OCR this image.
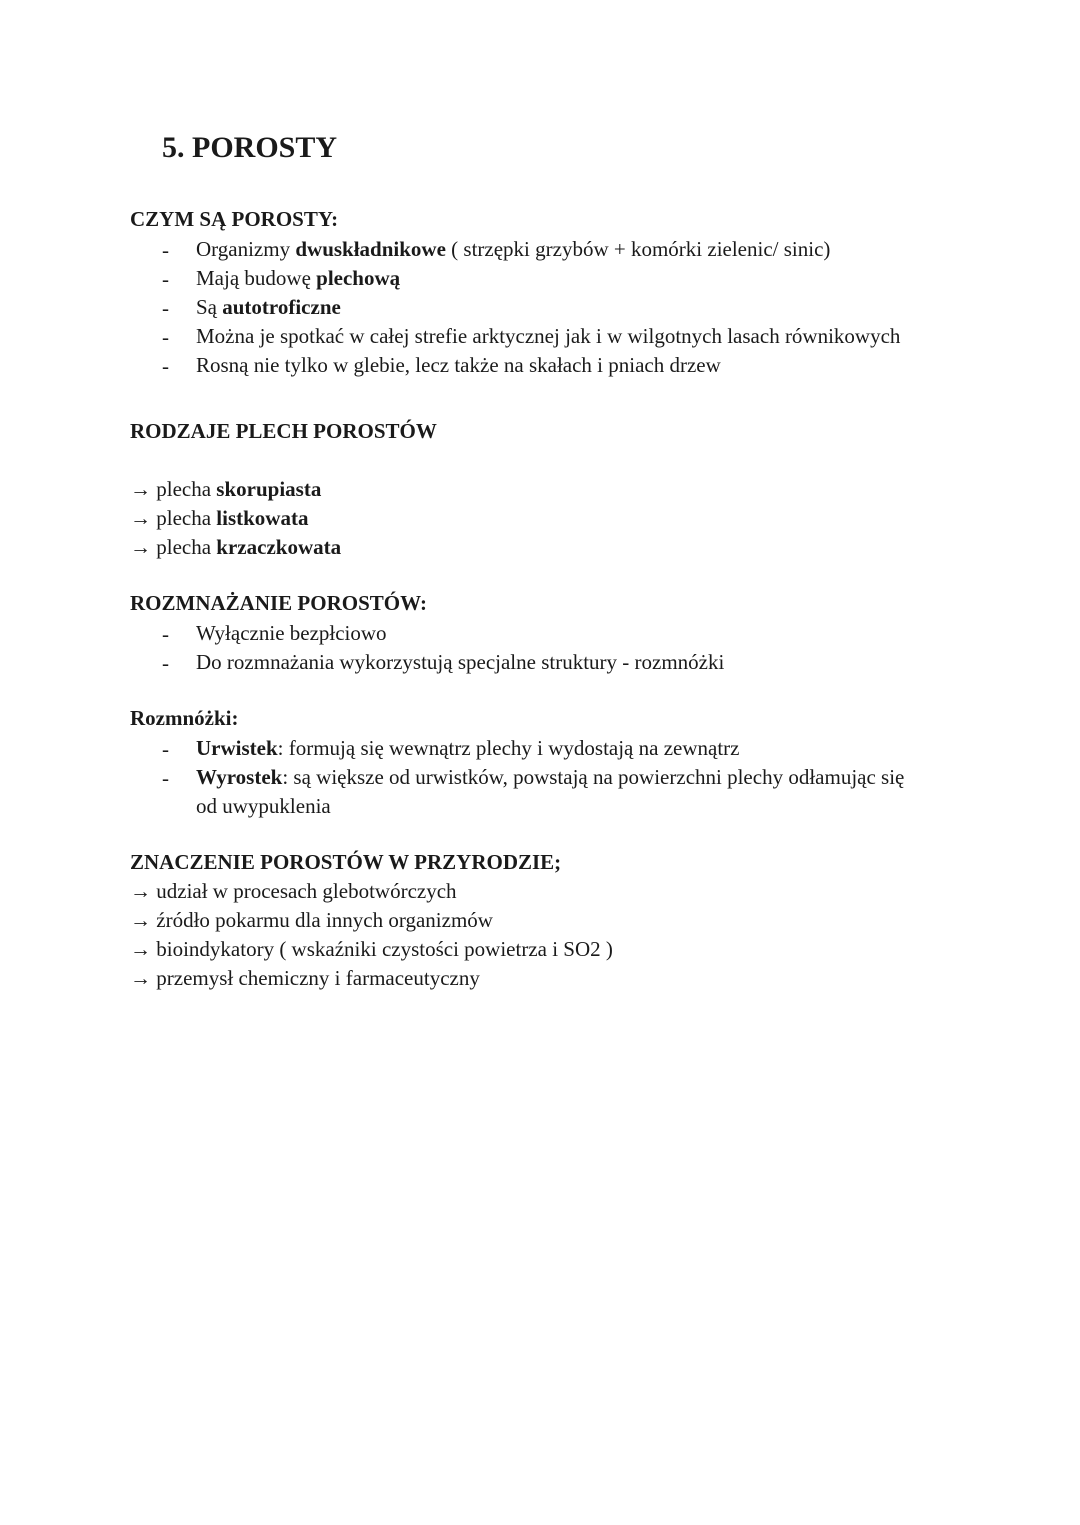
5. POROSTY
CZYM SĄ POROSTY:
- Organizmy dwuskładnikowe ( strzępki grzybów + komórki zielenic/ sinic)
- Mają budowę plechową
- Są autotroficzne
- Można je spotkać w całej strefie arktycznej jak i w wilgotnych lasach równikowych
- Rosną nie tylko w glebie, lecz także na skałach i pniach drzew
RODZAJE PLECH POROSTÓW
→ plecha skorupiasta
→ plecha listkowata
→ plecha krzaczkowata
ROZMNAŻANIE POROSTÓW:
- Wyłącznie bezpłciowo
- Do rozmnażania wykorzystują specjalne struktury - rozmnóżki
Rozmnóżki:
- Urwistek: formują się wewnątrz plechy i wydostają na zewnątrz
- Wyrostek: są większe od urwistków, powstają na powierzchni plechy odłamując się
od uwypuklenia
ZNACZENIE POROSTÓW W PRZYRODZIE;
→ udział w procesach glebotwórczych
→ źródło pokarmu dla innych organizmów
→ bioindykatory ( wskaźniki czystości powietrza i SO2 )
→ przemysł chemiczny i farmaceutyczny
